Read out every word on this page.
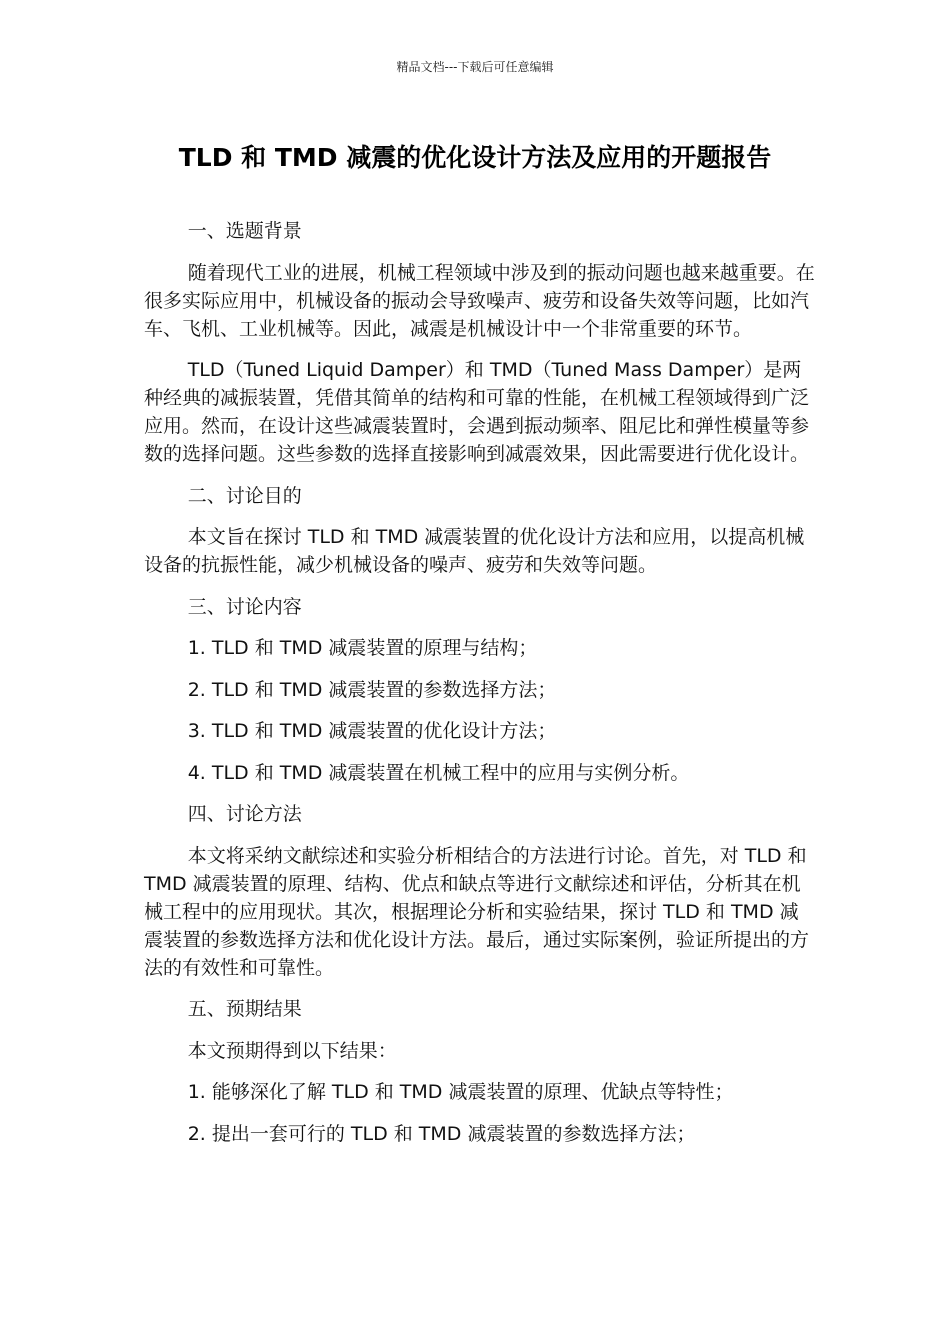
精品文档---下载后可任意编辑
TLD 和 TMD 减震的优化设计方法及应用的开题报告

一、选题背景

随着现代工业的进展，机械工程领域中涉及到的振动问题也越来越重要。在很多实际应用中，机械设备的振动会导致噪声、疲劳和设备失效等问题，比如汽车、飞机、工业机械等。因此，减震是机械设计中一个非常重要的环节。

TLD（Tuned Liquid Damper）和 TMD（Tuned Mass Damper）是两种经典的减振装置，凭借其简单的结构和可靠的性能，在机械工程领域得到广泛应用。然而，在设计这些减震装置时，会遇到振动频率、阻尼比和弹性模量等参数的选择问题。这些参数的选择直接影响到减震效果，因此需要进行优化设计。

二、讨论目的

本文旨在探讨 TLD 和 TMD 减震装置的优化设计方法和应用，以提高机械设备的抗振性能，减少机械设备的噪声、疲劳和失效等问题。

三、讨论内容

1. TLD 和 TMD 减震装置的原理与结构；

2. TLD 和 TMD 减震装置的参数选择方法；

3. TLD 和 TMD 减震装置的优化设计方法；

4. TLD 和 TMD 减震装置在机械工程中的应用与实例分析。

四、讨论方法

本文将采纳文献综述和实验分析相结合的方法进行讨论。首先，对 TLD 和 TMD 减震装置的原理、结构、优点和缺点等进行文献综述和评估，分析其在机械工程中的应用现状。其次，根据理论分析和实验结果，探讨 TLD 和 TMD 减震装置的参数选择方法和优化设计方法。最后，通过实际案例，验证所提出的方法的有效性和可靠性。

五、预期结果

本文预期得到以下结果：

1. 能够深化了解 TLD 和 TMD 减震装置的原理、优缺点等特性；

2. 提出一套可行的 TLD 和 TMD 减震装置的参数选择方法；
